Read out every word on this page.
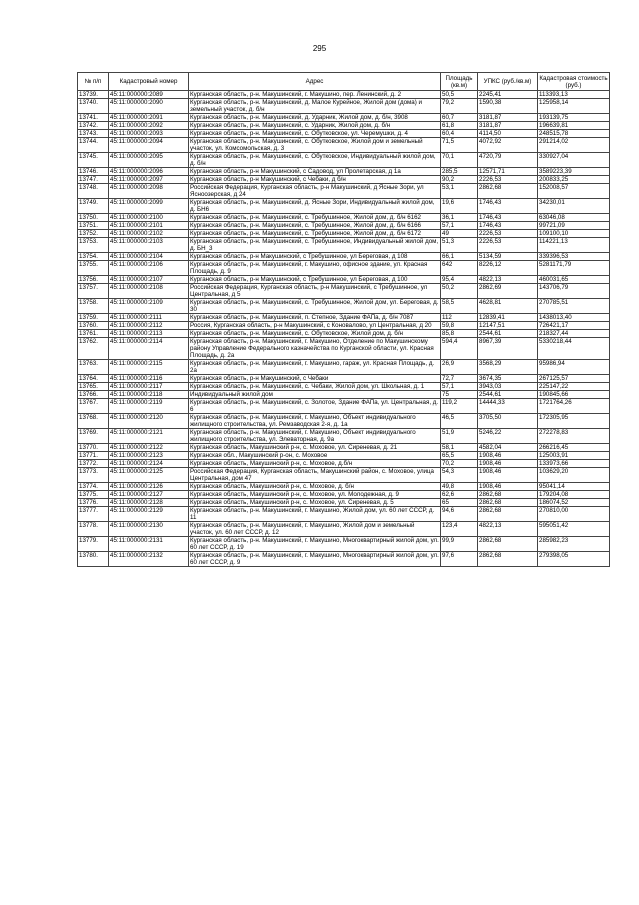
295
№ п/п	Кадастровый номер	Адрес	Площадь (кв.м)	УПКС (руб./кв.м)	Кадастровая стоимость (руб.)
13739.	45:11:000000:2089	Курганская область, р-н. Макушинский, г. Макушино, пер. Ленинский, д. 2	50,5	2245,41	113393,13
13740.	45:11:000000:2090	Курганская область, р-н. Макушинский, д. Малое Курейное, Жилой дом (дома) и земельный участок, д. б/н	79,2	1590,38	125958,14
13741.	45:11:000000:2091	Курганская область, р-н. Макушинский, д. Ударник, Жилой дом, д. б/н, 3908	60,7	3181,87	193139,75
13742.	45:11:000000:2092	Курганская область, р-н. Макушинский, с. Ударник, Жилой дом, д. б/н	61,8	3181,87	196639,81
13743.	45:11:000000:2093	Курганская область, р-н. Макушинский, с. Обутковское, ул. Черемушки, д. 4	60,4	4114,50	248515,78
13744.	45:11:000000:2094	Курганская область, р-н. Макушинский, с. Обутковское, Жилой дом и земельный участок, ул. Комсомольская, д. 3	71,5	4072,92	291214,02
13745.	45:11:000000:2095	Курганская область, р-н. Макушинский, с. Обутковское, Индивидуальный жилой дом, д. б/н	70,1	4720,79	330927,04
13746.	45:11:000000:2096	Курганская область, р-н Макушинский, с Садовод, ул Пролетарская, д 1а	285,5	12571,71	3589223,39
13747.	45:11:000000:2097	Курганская область, р-н Макушинский, с Чебаки, д б/н	90,2	2226,53	200833,25
13748.	45:11:000000:2098	Российская Федерация, Курганская область, р-н Макушинский, д Ясные Зори, ул Ясноозерская, д 24	53,1	2862,68	152008,57
13749.	45:11:000000:2099	Курганская область, р-н. Макушинский, д. Ясные Зори, Индивидуальный жилой дом, д. БН6	19,6	1746,43	34230,01
13750.	45:11:000000:2100	Курганская область, р-н. Макушинский, с. Требушинное, Жилой дом, д. б/н 6162	36,1	1746,43	63046,08
13751.	45:11:000000:2101	Курганская область, р-н. Макушинский, с. Требушинное, Жилой дом, д. б/н 6166	57,1	1746,43	99721,09
13752.	45:11:000000:2102	Курганская область, р-н. Макушинский, с. Требушинное, Жилой дом, д. б/н 6172	49	2226,53	109100,10
13753.	45:11:000000:2103	Курганская область, р-н. Макушинский, с. Требушинное, Индивидуальный жилой дом, д. БН_3	51,3	2226,53	114221,13
13754.	45:11:000000:2104	Курганская область, р-н Макушинский, с Требушинное, ул Береговая, д 108	66,1	5134,59	339396,53
13755.	45:11:000000:2106	Курганская область, р-н. Макушинский, г. Макушино, офисное здание, ул. Красная Площадь, д. 9	642	8226,12	5281171,79
13756.	45:11:000000:2107	Курганская область, р-н Макушинский, с Требушинное, ул Береговая, д 100	95,4	4822,13	460031,65
13757.	45:11:000000:2108	Российская Федерация, Курганская область, р-н Макушинский, с Требушинное, ул Центральная, д 5	50,2	2862,69	143706,79
13758.	45:11:000000:2109	Курганская область, р-н. Макушинский, с. Требушинное, Жилой дом, ул. Береговая, д. 30	58,5	4628,81	270785,51
13759.	45:11:000000:2111	Курганская область, р-н. Макушинский, п. Степное, Здание ФАПа, д. б/н 7087	112	12839,41	1438013,40
13760.	45:11:000000:2112	Россия, Курганская область, р-н Макушинский, с Коноваловo, ул Центральная, д 20	59,8	12147,51	726421,17
13761.	45:11:000000:2113	Курганская область, р-н. Макушинский, с. Обутковское, Жилой дом, д. б/н	85,8	2544,61	218327,44
13762.	45:11:000000:2114	Курганская область, р-н. Макушинский, г. Макушино, Отделение по Макушинскому району Управление Федерального казначейства по Курганской области, ул. Красная Площадь, д. 2а	594,4	8967,39	5330218,44
13763.	45:11:000000:2115	Курганская область, р-н. Макушинский, г. Макушино, гараж, ул. Красная Площадь, д. 2а	26,9	3568,29	95986,94
13764.	45:11:000000:2116	Курганская область, р-н Макушинский, с Чебаки	72,7	3674,35	267125,57
13765.	45:11:000000:2117	Курганская область, р-н. Макушинский, с. Чебаки, Жилой дом, ул. Школьная, д. 1	57,1	3943,03	225147,22
13766.	45:11:000000:2118	Индивидуальный жилой дом	75	2544,61	190845,66
13767.	45:11:000000:2119	Курганская область, р-н. Макушинский, с. Золотое, Здание ФАПа, ул. Центральная, д. 6	119,2	14444,33	1721764,26
13768.	45:11:000000:2120	Курганская область, р-н. Макушинский, г. Макушино, Объект индивидуального жилищного строительства, ул. Ремзаводская 2-я, д. 1а	46,5	3705,50	172305,95
13769.	45:11:000000:2121	Курганская область, р-н. Макушинский, г. Макушино, Объект индивидуального жилищного строительства, ул. Элеваторная, д. 9а	51,9	5246,22	272278,83
13770.	45:11:000000:2122	Курганская область, Макушинский р-н, с. Моховое, ул. Сиреневая, д. 21	58,1	4582,04	266216,45
13771.	45:11:000000:2123	Курганская обл., Макушинский р-он, с. Моховое	65,5	1908,46	125003,91
13772.	45:11:000000:2124	Курганская область, Макушинский р-н, с. Моховое, д.б/н	70,2	1908,46	133973,66
13773.	45:11:000000:2125	Российская Федерация, Курганская область, Макушинский район, с. Моховое, улица Центральная, дом 47	54,3	1908,46	103629,20
13774.	45:11:000000:2126	Курганская область, Макушинский р-н, с. Моховое, д. б/н	49,8	1908,46	95041,14
13775.	45:11:000000:2127	Курганская область, Макушинский р-н, с. Моховое, ул. Молодежная, д. 9	62,6	2862,68	179204,08
13776.	45:11:000000:2128	Курганская область, Макушинский р-н, с. Моховое, ул. Сиреневая, д. 5	65	2862,68	186074,52
13777.	45:11:000000:2129	Курганская область, р-н. Макушинский, г. Макушино, Жилой дом, ул. 60 лет СССР, д. 11	94,6	2862,68	270810,00
13778.	45:11:000000:2130	Курганская область, р-н. Макушинский, г. Макушино, Жилой дом и земельный участок, ул. 60 лет СССР, д. 12	123,4	4822,13	595051,42
13779.	45:11:000000:2131	Курганская область, р-н. Макушинский, г. Макушино, Многоквартирный жилой дом, ул. 60 лет СССР, д. 19	99,9	2862,68	285982,23
13780.	45:11:000000:2132	Курганская область, р-н. Макушинский, г. Макушино, Многоквартирный жилой дом, ул. 60 лет СССР, д. 9	97,6	2862,68	279398,05
